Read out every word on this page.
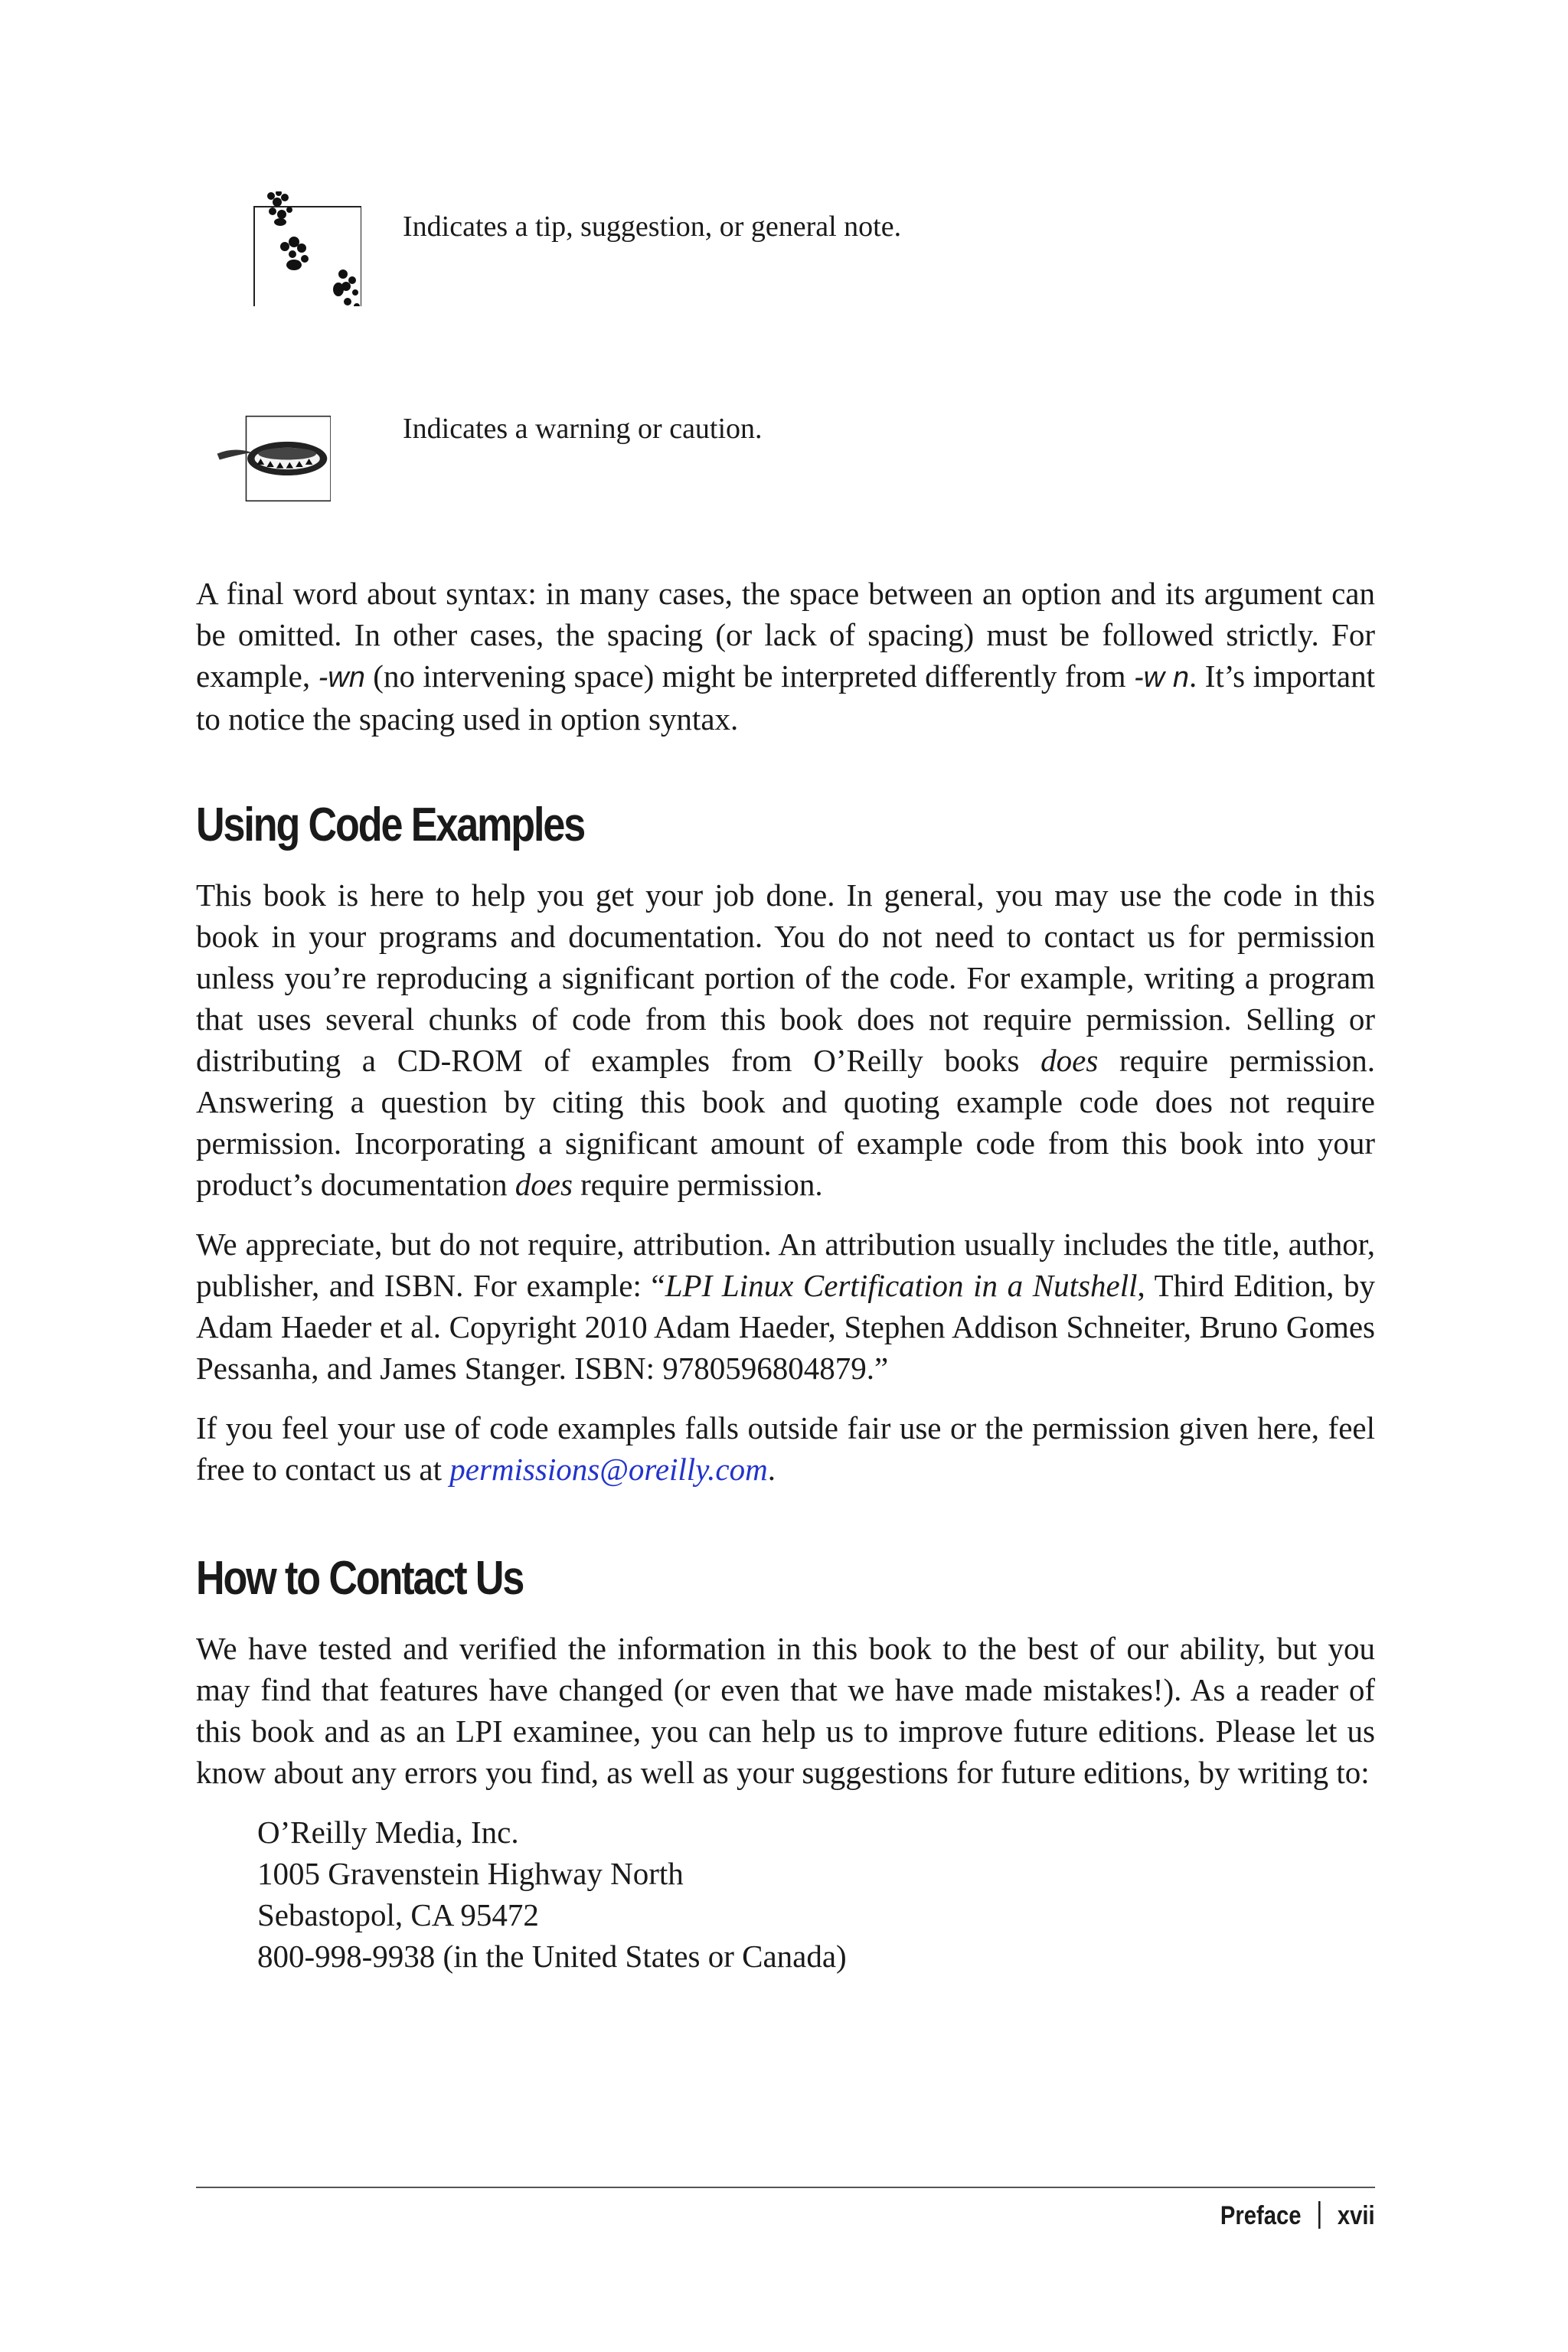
Indicates a tip, suggestion, or general note.
Indicates a warning or caution.

A final word about syntax: in many cases, the space between an option and its argument can be omitted. In other cases, the spacing (or lack of spacing) must be followed strictly. For example, -wn (no intervening space) might be interpreted differently from -w n. It’s important to notice the spacing used in option syntax.

Using Code Examples

This book is here to help you get your job done. In general, you may use the code in this book in your programs and documentation. You do not need to contact us for permission unless you’re reproducing a significant portion of the code. For example, writing a program that uses several chunks of code from this book does not require permission. Selling or distributing a CD-ROM of examples from O’Reilly books does require permission. Answering a question by citing this book and quoting example code does not require permission. Incorporating a significant amount of example code from this book into your product’s documentation does require permission.

We appreciate, but do not require, attribution. An attribution usually includes the title, author, publisher, and ISBN. For example: “LPI Linux Certification in a Nutshell, Third Edition, by Adam Haeder et al. Copyright 2010 Adam Haeder, Stephen Addison Schneiter, Bruno Gomes Pessanha, and James Stanger. ISBN: 9780596804879.”

If you feel your use of code examples falls outside fair use or the permission given here, feel free to contact us at permissions@oreilly.com.

How to Contact Us

We have tested and verified the information in this book to the best of our ability, but you may find that features have changed (or even that we have made mistakes!). As a reader of this book and as an LPI examinee, you can help us to improve future editions. Please let us know about any errors you find, as well as your suggestions for future editions, by writing to:

O’Reilly Media, Inc.
1005 Gravenstein Highway North
Sebastopol, CA 95472
800-998-9938 (in the United States or Canada)
Preface xvii
